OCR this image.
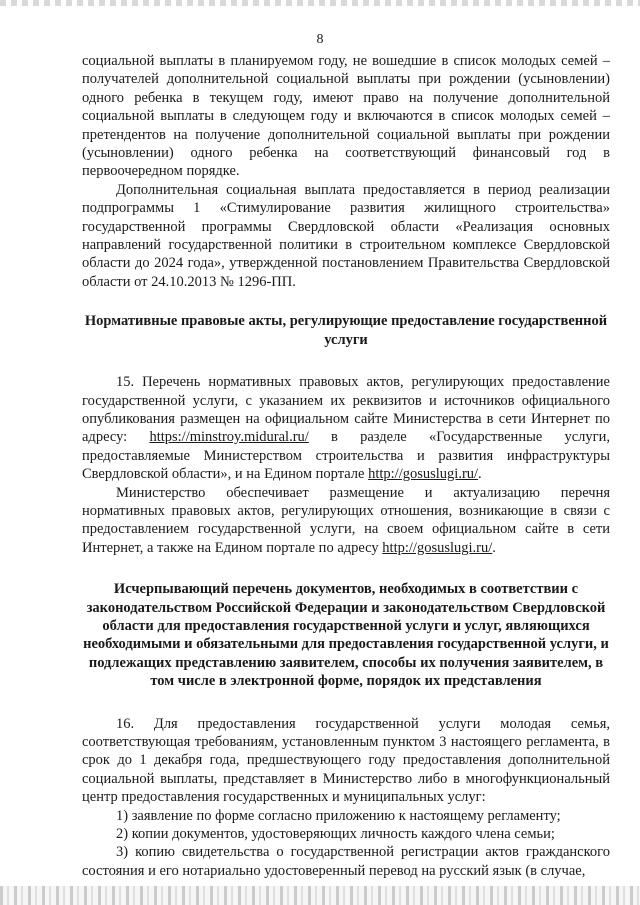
8

социальной выплаты в планируемом году, не вошедшие в список молодых семей – получателей дополнительной социальной выплаты при рождении (усыновлении) одного ребенка в текущем году, имеют право на получение дополнительной социальной выплаты в следующем году и включаются в список молодых семей – претендентов на получение дополнительной социальной выплаты при рождении (усыновлении) одного ребенка на соответствующий финансовый год в первоочередном порядке.

Дополнительная социальная выплата предоставляется в период реализации подпрограммы 1 «Стимулирование развития жилищного строительства» государственной программы Свердловской области «Реализация основных направлений государственной политики в строительном комплексе Свердловской области до 2024 года», утвержденной постановлением Правительства Свердловской области от 24.10.2013 № 1296-ПП.

Нормативные правовые акты, регулирующие предоставление государственной услуги

15. Перечень нормативных правовых актов, регулирующих предоставление государственной услуги, с указанием их реквизитов и источников официального опубликования размещен на официальном сайте Министерства в сети Интернет по адресу: https://minstroy.midural.ru/ в разделе «Государственные услуги, предоставляемые Министерством строительства и развития инфраструктуры Свердловской области», и на Едином портале http://gosuslugi.ru/.

Министерство обеспечивает размещение и актуализацию перечня нормативных правовых актов, регулирующих отношения, возникающие в связи с предоставлением государственной услуги, на своем официальном сайте в сети Интернет, а также на Едином портале по адресу http://gosuslugi.ru/.

Исчерпывающий перечень документов, необходимых в соответствии с законодательством Российской Федерации и законодательством Свердловской области для предоставления государственной услуги и услуг, являющихся необходимыми и обязательными для предоставления государственной услуги, и подлежащих представлению заявителем, способы их получения заявителем, в том числе в электронной форме, порядок их представления

16. Для предоставления государственной услуги молодая семья, соответствующая требованиям, установленным пунктом 3 настоящего регламента, в срок до 1 декабря года, предшествующего году предоставления дополнительной социальной выплаты, представляет в Министерство либо в многофункциональный центр предоставления государственных и муниципальных услуг:

1) заявление по форме согласно приложению к настоящему регламенту;

2) копии документов, удостоверяющих личность каждого члена семьи;

3) копию свидетельства о государственной регистрации актов гражданского состояния и его нотариально удостоверенный перевод на русский язык (в случае,
